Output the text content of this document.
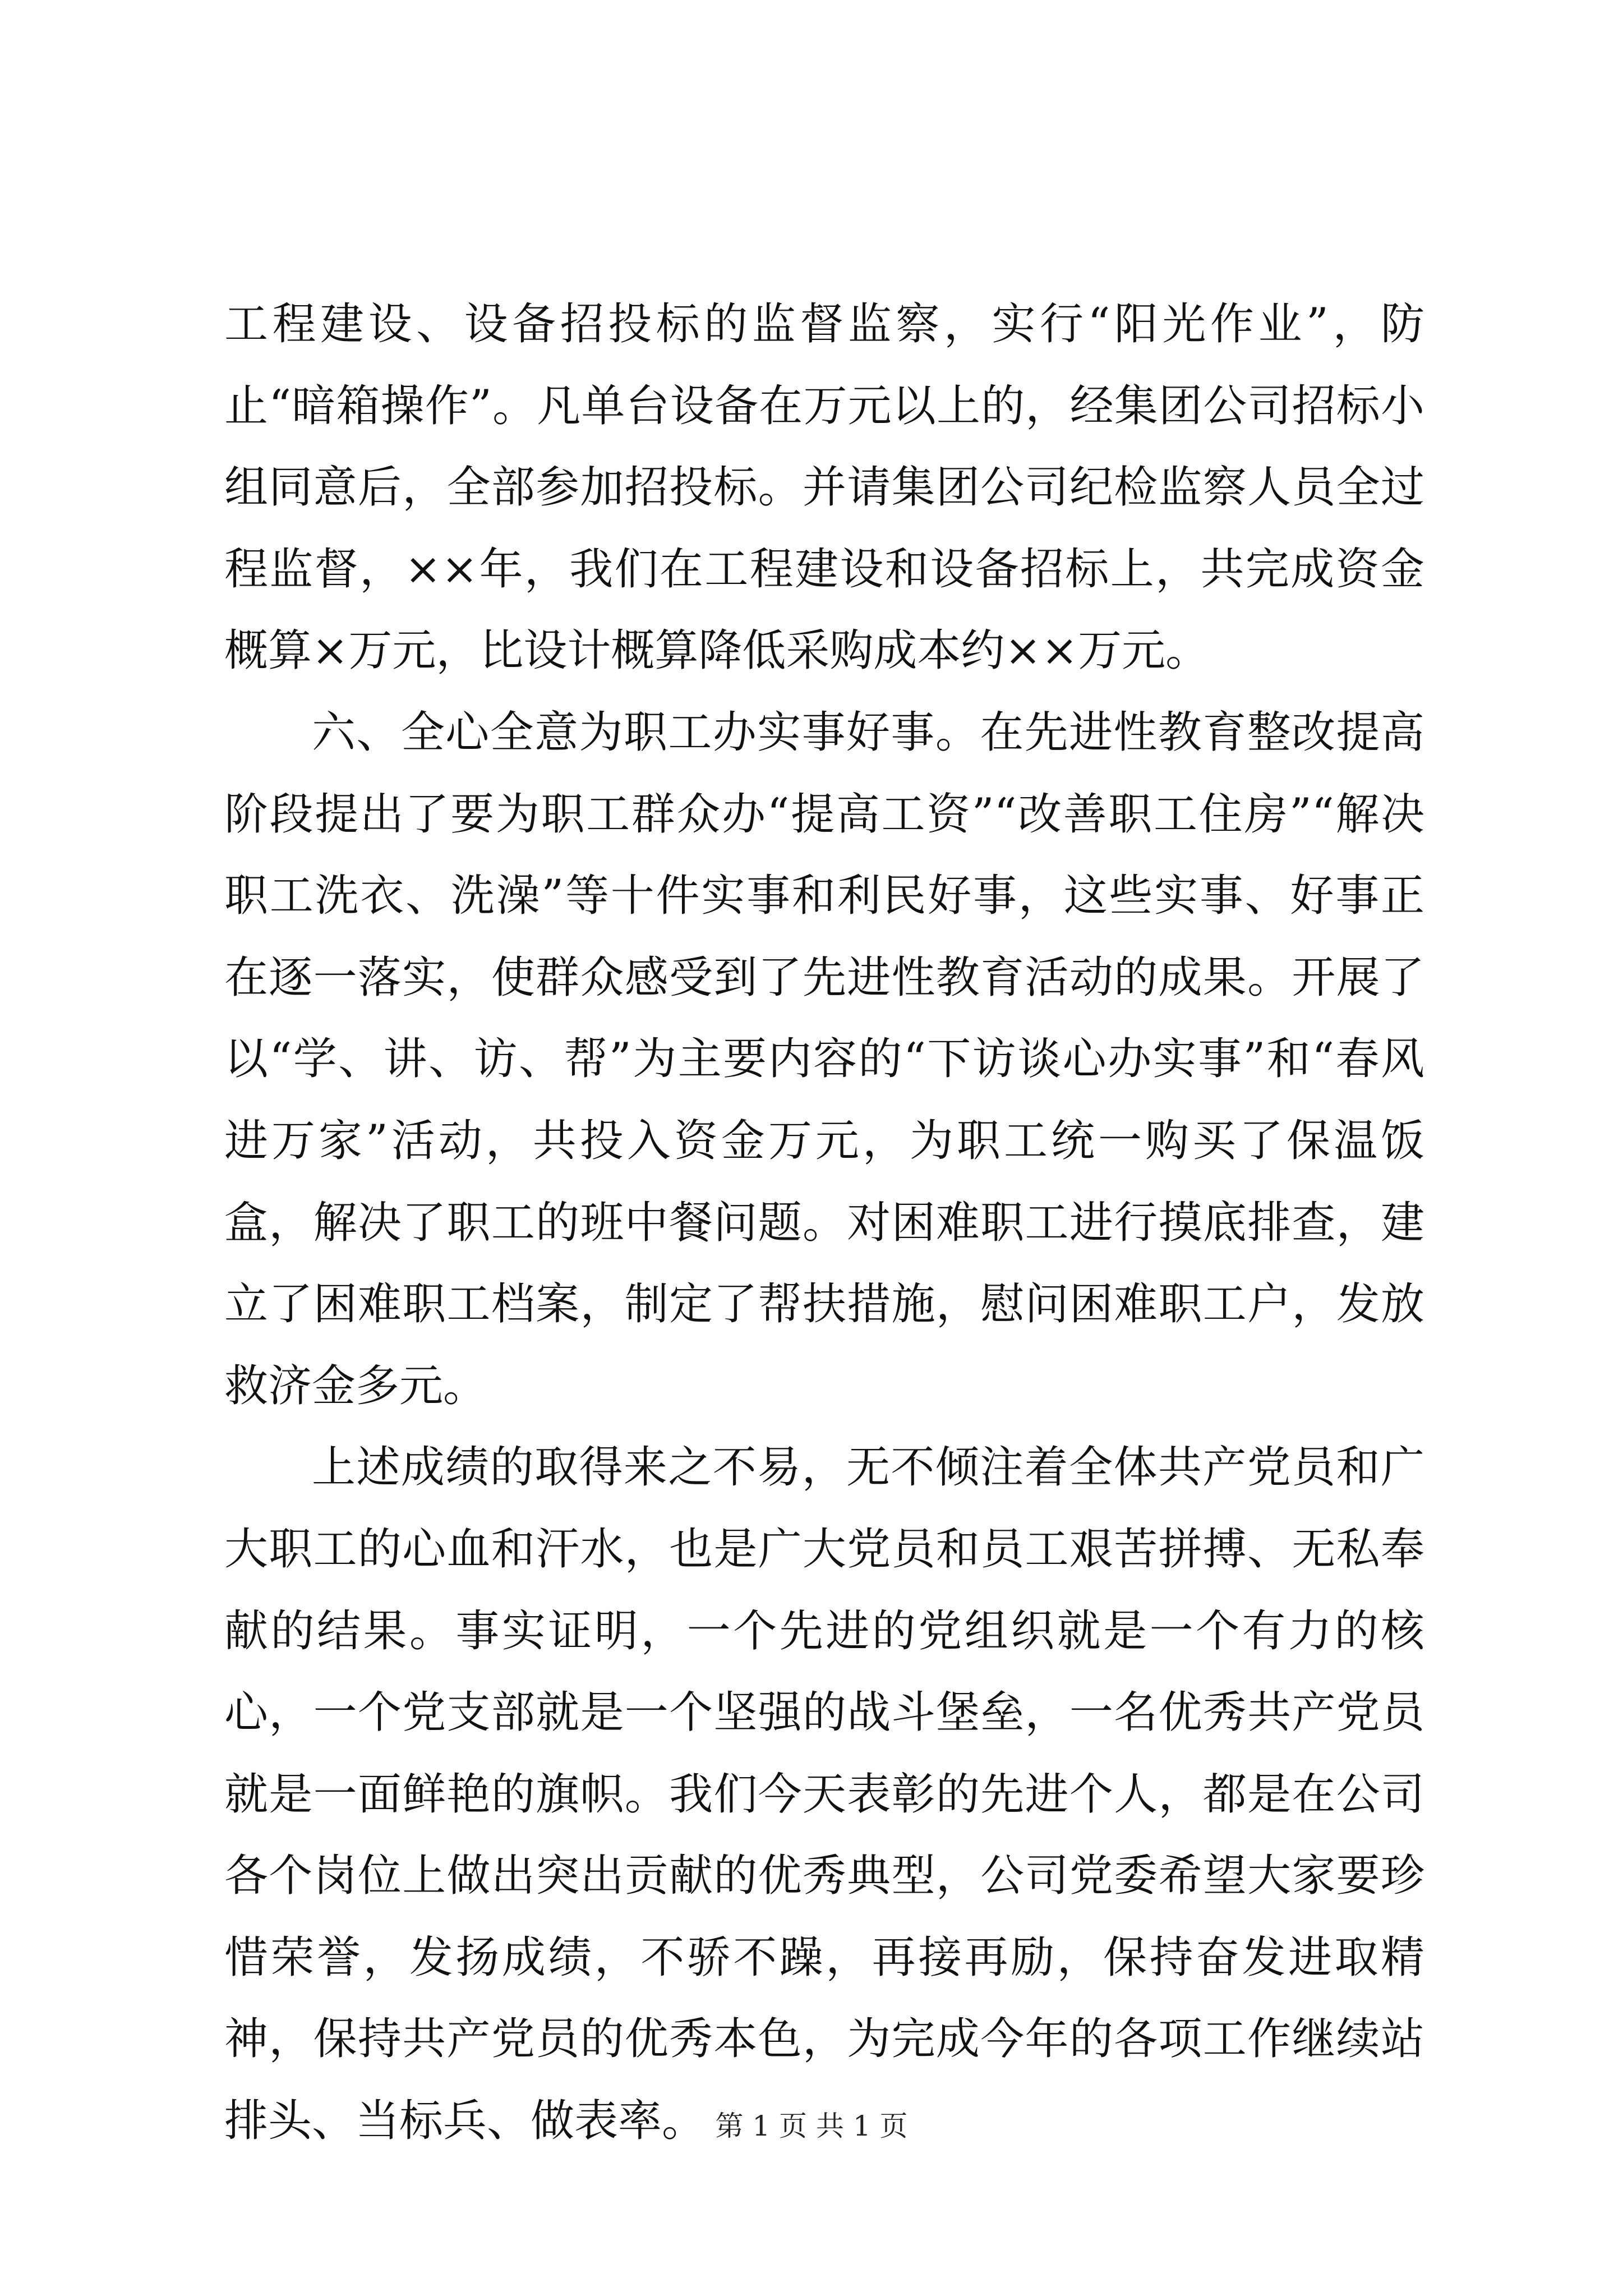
工程建设、设备招投标的监督监察，实行“阳光作业”，防止“暗箱操作”。凡单台设备在万元以上的，经集团公司招标小组同意后，全部参加招投标。并请集团公司纪检监察人员全过程监督，××年，我们在工程建设和设备招标上，共完成资金概算×万元，比设计概算降低采购成本约××万元。

六、全心全意为职工办实事好事。在先进性教育整改提高阶段提出了要为职工群众办“提高工资”“改善职工住房”“解决职工洗衣、洗澡”等十件实事和利民好事，这些实事、好事正在逐一落实，使群众感受到了先进性教育活动的成果。开展了以“学、讲、访、帮”为主要内容的“下访谈心办实事”和“春风进万家”活动，共投入资金万元，为职工统一购买了保温饭盒，解决了职工的班中餐问题。对困难职工进行摸底排查，建立了困难职工档案，制定了帮扶措施，慰问困难职工户，发放救济金多元。

上述成绩的取得来之不易，无不倾注着全体共产党员和广大职工的心血和汗水，也是广大党员和员工艰苦拼搏、无私奉献的结果。事实证明，一个先进的党组织就是一个有力的核心，一个党支部就是一个坚强的战斗堡垒，一名优秀共产党员就是一面鲜艳的旗帜。我们今天表彰的先进个人，都是在公司各个岗位上做出突出贡献的优秀典型，公司党委希望大家要珍惜荣誉，发扬成绩，不骄不躁，再接再励，保持奋发进取精神，保持共产党员的优秀本色，为完成今年的各项工作继续站排头、当标兵、做表率。 第 1 页 共 1 页
